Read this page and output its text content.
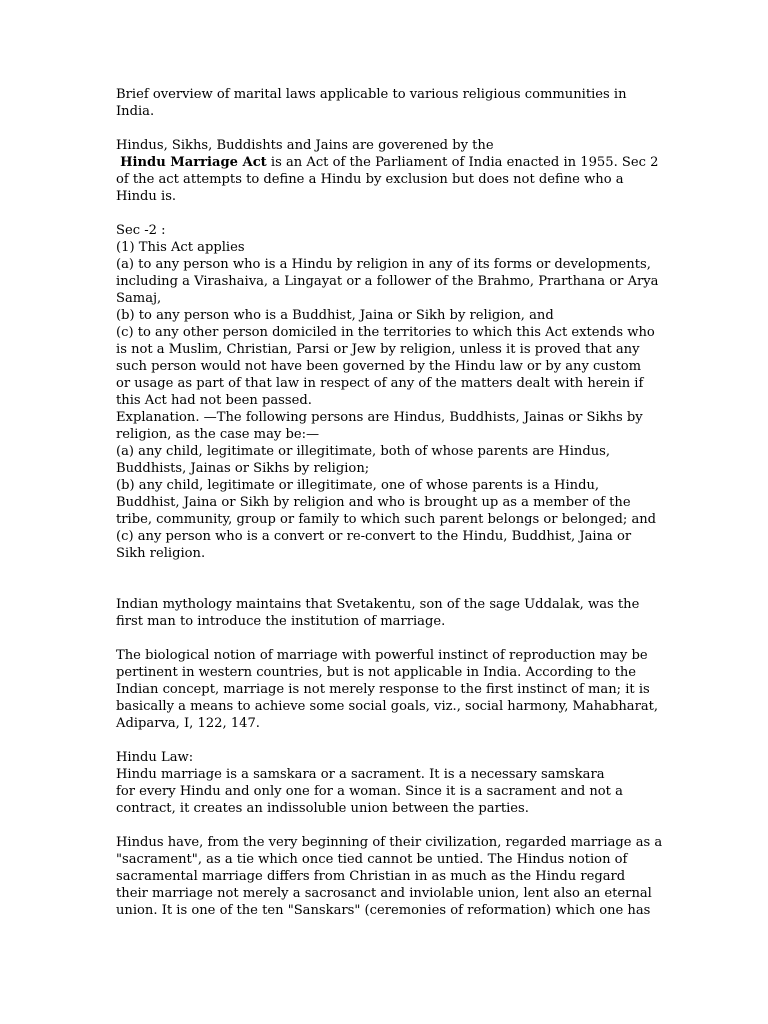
Brief overview of marital laws applicable to various religious communities in
India.
Hindus, Sikhs, Buddishts and Jains are goverened by the
Hindu Marriage Act is an Act of the Parliament of India enacted in 1955. Sec 2
of the act attempts to define a Hindu by exclusion but does not define who a
Hindu is.
Sec -2 :
(1) This Act applies
(a) to any person who is a Hindu by religion in any of its forms or developments,
including a Virashaiva, a Lingayat or a follower of the Brahmo, Prarthana or Arya
Samaj,
(b) to any person who is a Buddhist, Jaina or Sikh by religion, and
(c) to any other person domiciled in the territories to which this Act extends who
is not a Muslim, Christian, Parsi or Jew by religion, unless it is proved that any
such person would not have been governed by the Hindu law or by any custom
or usage as part of that law in respect of any of the matters dealt with herein if
this Act had not been passed.
Explanation. —The following persons are Hindus, Buddhists, Jainas or Sikhs by
religion, as the case may be:—
(a) any child, legitimate or illegitimate, both of whose parents are Hindus,
Buddhists, Jainas or Sikhs by religion;
(b) any child, legitimate or illegitimate, one of whose parents is a Hindu,
Buddhist, Jaina or Sikh by religion and who is brought up as a member of the
tribe, community, group or family to which such parent belongs or belonged; and
(c) any person who is a convert or re-convert to the Hindu, Buddhist, Jaina or
Sikh religion.
Indian mythology maintains that Svetakentu, son of the sage Uddalak, was the
first man to introduce the institution of marriage.
The biological notion of marriage with powerful instinct of reproduction may be
pertinent in western countries, but is not applicable in India. According to the
Indian concept, marriage is not merely response to the first instinct of man; it is
basically a means to achieve some social goals, viz., social harmony, Mahabharat,
Adiparva, I, 122, 147.
Hindu Law:
Hindu marriage is a samskara or a sacrament. It is a necessary samskara
for every Hindu and only one for a woman. Since it is a sacrament and not a
contract, it creates an indissoluble union between the parties.
Hindus have, from the very beginning of their civilization, regarded marriage as a
"sacrament", as a tie which once tied cannot be untied. The Hindus notion of
sacramental marriage differs from Christian in as much as the Hindu regard
their marriage not merely a sacrosanct and inviolable union, lent also an eternal
union. It is one of the ten "Sanskars" (ceremonies of reformation) which one has
